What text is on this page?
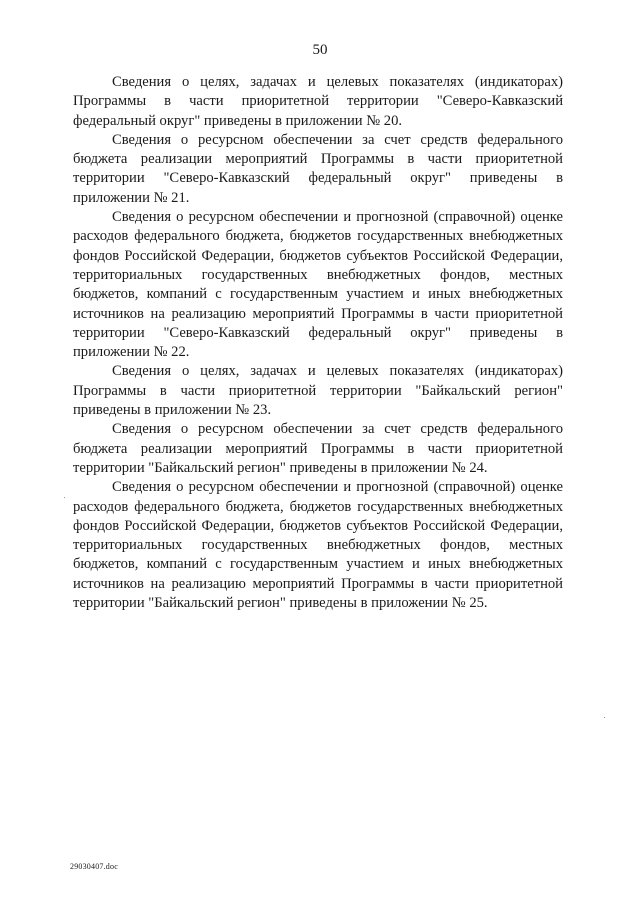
50

Сведения о целях, задачах и целевых показателях (индикаторах) Программы в части приоритетной территории "Северо-Кавказский федеральный округ" приведены в приложении № 20.

Сведения о ресурсном обеспечении за счет средств федерального бюджета реализации мероприятий Программы в части приоритетной территории "Северо-Кавказский федеральный округ" приведены в приложении № 21.

Сведения о ресурсном обеспечении и прогнозной (справочной) оценке расходов федерального бюджета, бюджетов государственных внебюджетных фондов Российской Федерации, бюджетов субъектов Российской Федерации, территориальных государственных внебюджетных фондов, местных бюджетов, компаний с государственным участием и иных внебюджетных источников на реализацию мероприятий Программы в части приоритетной территории "Северо-Кавказский федеральный округ" приведены в приложении № 22.

Сведения о целях, задачах и целевых показателях (индикаторах) Программы в части приоритетной территории "Байкальский регион" приведены в приложении № 23.

Сведения о ресурсном обеспечении за счет средств федерального бюджета реализации мероприятий Программы в части приоритетной территории "Байкальский регион" приведены в приложении № 24.

Сведения о ресурсном обеспечении и прогнозной (справочной) оценке расходов федерального бюджета, бюджетов государственных внебюджетных фондов Российской Федерации, бюджетов субъектов Российской Федерации, территориальных государственных внебюджетных фондов, местных бюджетов, компаний с государственным участием и иных внебюджетных источников на реализацию мероприятий Программы в части приоритетной территории "Байкальский регион" приведены в приложении № 25.

29030407.doc
